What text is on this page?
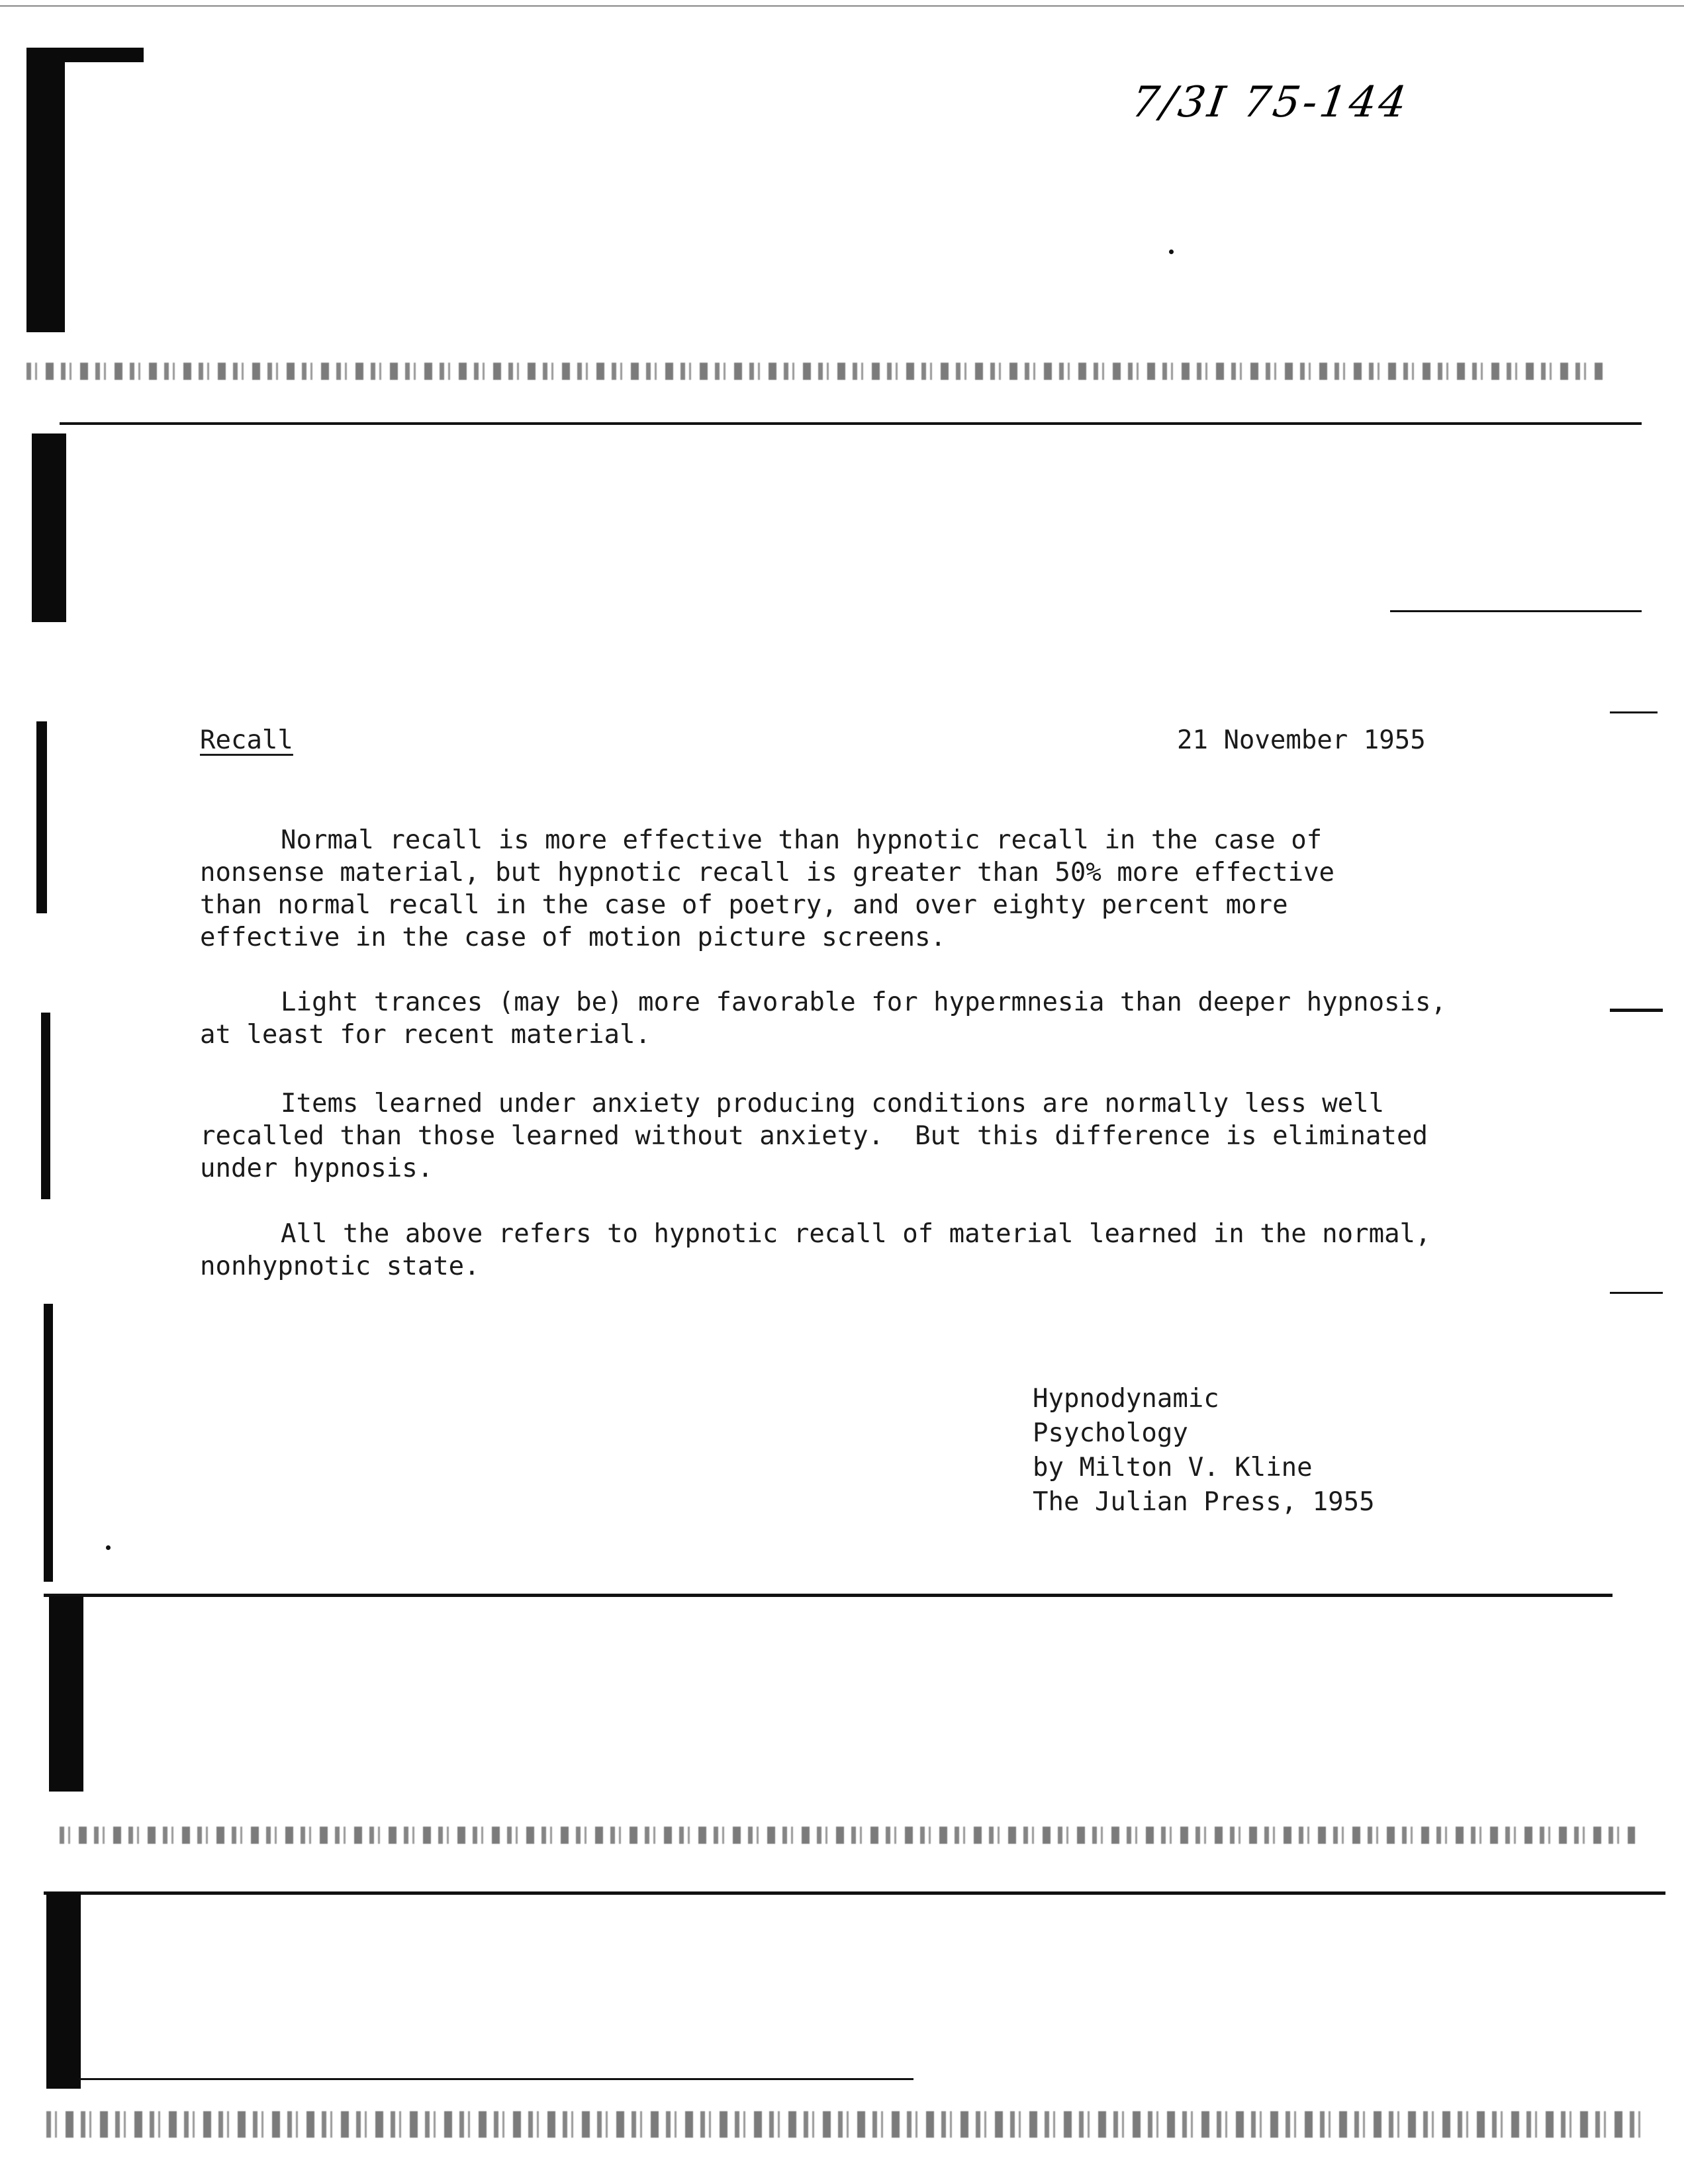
7/3I 75-144
Recall	21 November 1955

Normal recall is more effective than hypnotic recall in the case of
nonsense material, but hypnotic recall is greater than 50% more effective
than normal recall in the case of poetry, and over eighty percent more
effective in the case of motion picture screens.

Light trances (may be) more favorable for hypermnesia than deeper hypnosis,
at least for recent material.

Items learned under anxiety producing conditions are normally less well
recalled than those learned without anxiety.  But this difference is eliminated
under hypnosis.

All the above refers to hypnotic recall of material learned in the normal,
nonhypnotic state.

Hypnodynamic
Psychology
by Milton V. Kline
The Julian Press, 1955
